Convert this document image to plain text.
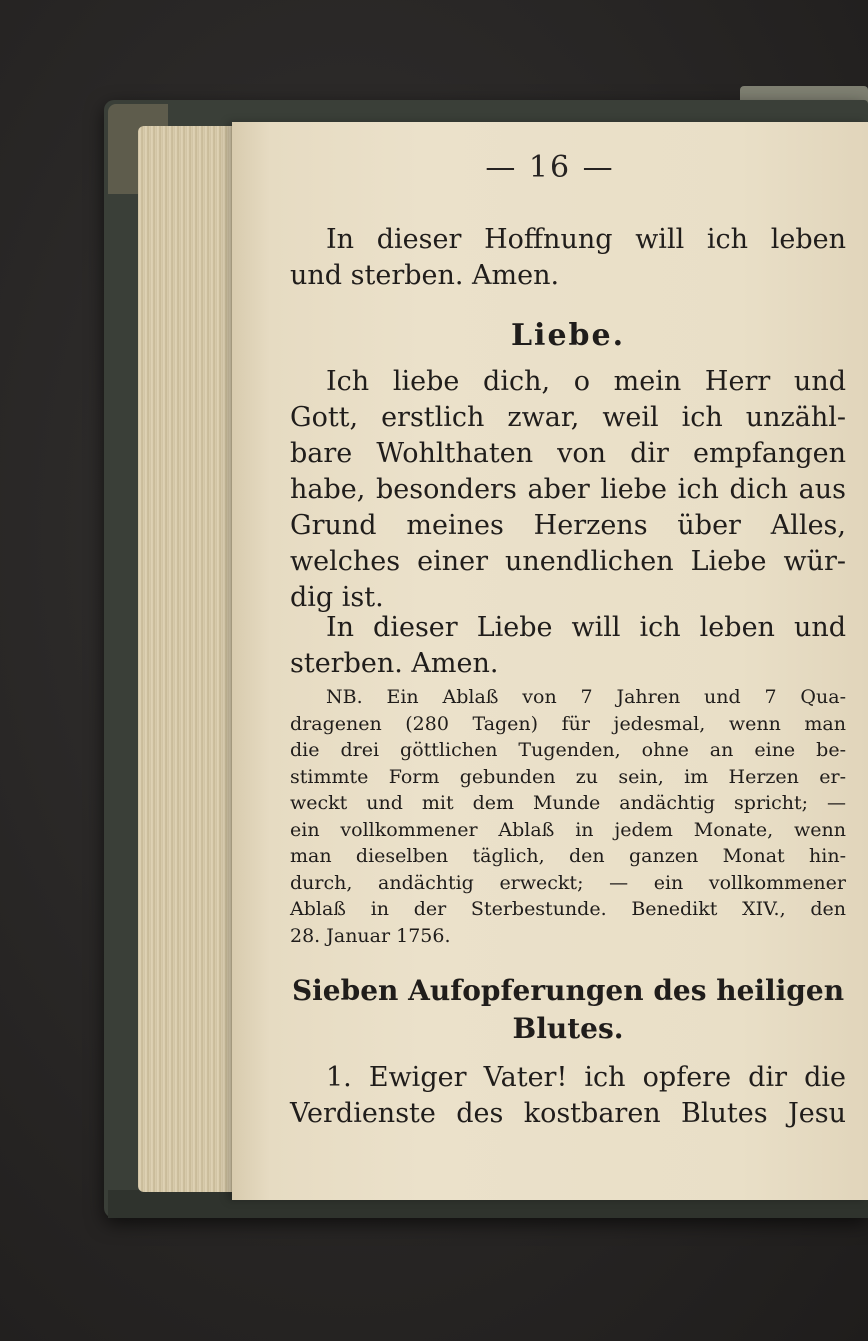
— 16 —
In dieser Hoffnung will ich leben
und sterben. Amen.
Liebe.
Ich liebe dich, o mein Herr und
Gott, erstlich zwar, weil ich unzähl-
bare Wohlthaten von dir empfangen
habe, besonders aber liebe ich dich aus
Grund meines Herzens über Alles,
welches einer unendlichen Liebe wür-
dig ist.
In dieser Liebe will ich leben und
sterben. Amen.
NB. Ein Ablaß von 7 Jahren und 7 Qua-
dragenen (280 Tagen) für jedesmal, wenn man
die drei göttlichen Tugenden, ohne an eine be-
stimmte Form gebunden zu sein, im Herzen er-
weckt und mit dem Munde andächtig spricht; —
ein vollkommener Ablaß in jedem Monate, wenn
man dieselben täglich, den ganzen Monat hin-
durch, andächtig erweckt; — ein vollkommener
Ablaß in der Sterbestunde. Benedikt XIV., den
28. Januar 1756.
Sieben Aufopferungen des heiligen
Blutes.
1. Ewiger Vater! ich opfere dir die
Verdienste des kostbaren Blutes Jesu
